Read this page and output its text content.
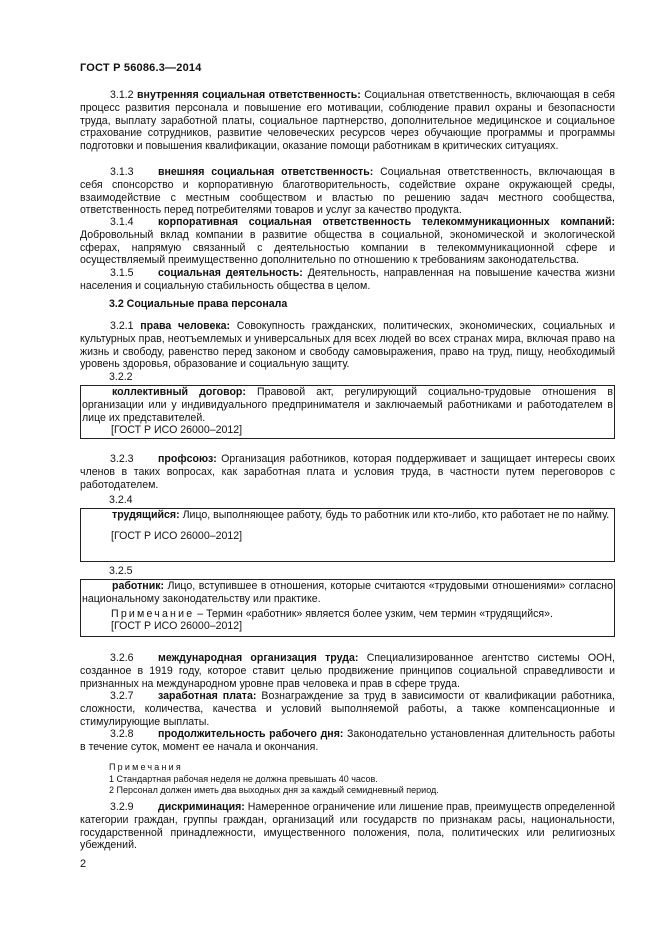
ГОСТ Р 56086.3—2014

3.1.2 внутренняя социальная ответственность: Социальная ответственность, включающая в себя процесс развития персонала и повышение его мотивации, соблюдение правил охраны и безопасности труда, выплату заработной платы, социальное партнерство, дополнительное медицинское и социальное страхование сотрудников, развитие человеческих ресурсов через обучающие программы и программы подготовки и повышения квалификации, оказание помощи работникам в критических ситуациях.

3.1.3 внешняя социальная ответственность: Социальная ответственность, включающая в себя спонсорство и корпоративную благотворительность, содействие охране окружающей среды, взаимодействие с местным сообществом и властью по решению задач местного сообщества, ответственность перед потребителями товаров и услуг за качество продукта.

3.1.4 корпоративная социальная ответственность телекоммуникационных компаний: Добровольный вклад компании в развитие общества в социальной, экономической и экологической сферах, напрямую связанный с деятельностью компании в телекоммуникационной сфере и осуществляемый преимущественно дополнительно по отношению к требованиям законодательства.

3.1.5 социальная деятельность: Деятельность, направленная на повышение качества жизни населения и социальную стабильность общества в целом.

3.2 Социальные права персонала

3.2.1 права человека: Совокупность гражданских, политических, экономических, социальных и культурных прав, неотъемлемых и универсальных для всех людей во всех странах мира, включая право на жизнь и свободу, равенство перед законом и свободу самовыражения, право на труд, пищу, необходимый уровень здоровья, образование и социальную защиту.

3.2.2

коллективный договор: Правовой акт, регулирующий социально-трудовые отношения в организации или у индивидуального предпринимателя и заключаемый работниками и работодателем в лице их представителей.

[ГОСТ Р ИСО 26000–2012]

3.2.3 профсоюз: Организация работников, которая поддерживает и защищает интересы своих членов в таких вопросах, как заработная плата и условия труда, в частности путем переговоров с работодателем.

3.2.4

трудящийся: Лицо, выполняющее работу, будь то работник или кто-либо, кто работает не по найму.

[ГОСТ Р ИСО 26000–2012]

3.2.5

работник: Лицо, вступившее в отношения, которые считаются «трудовыми отношениями» согласно национальному законодательству или практике.

Примечание – Термин «работник» является более узким, чем термин «трудящийся».

[ГОСТ Р ИСО 26000–2012]

3.2.6 международная организация труда: Специализированное агентство системы ООН, созданное в 1919 году, которое ставит целью продвижение принципов социальной справедливости и признанных на международном уровне прав человека и прав в сфере труда.

3.2.7 заработная плата: Вознаграждение за труд в зависимости от квалификации работника, сложности, количества, качества и условий выполняемой работы, а также компенсационные и стимулирующие выплаты.

3.2.8 продолжительность рабочего дня: Законодательно установленная длительность работы в течение суток, момент ее начала и окончания.

Примечания

1 Стандартная рабочая неделя не должна превышать 40 часов.

2 Персонал должен иметь два выходных дня за каждый семидневный период.

3.2.9 дискриминация: Намеренное ограничение или лишение прав, преимуществ определенной категории граждан, группы граждан, организаций или государств по признакам расы, национальности, государственной принадлежности, имущественного положения, пола, политических или религиозных убеждений.

2
